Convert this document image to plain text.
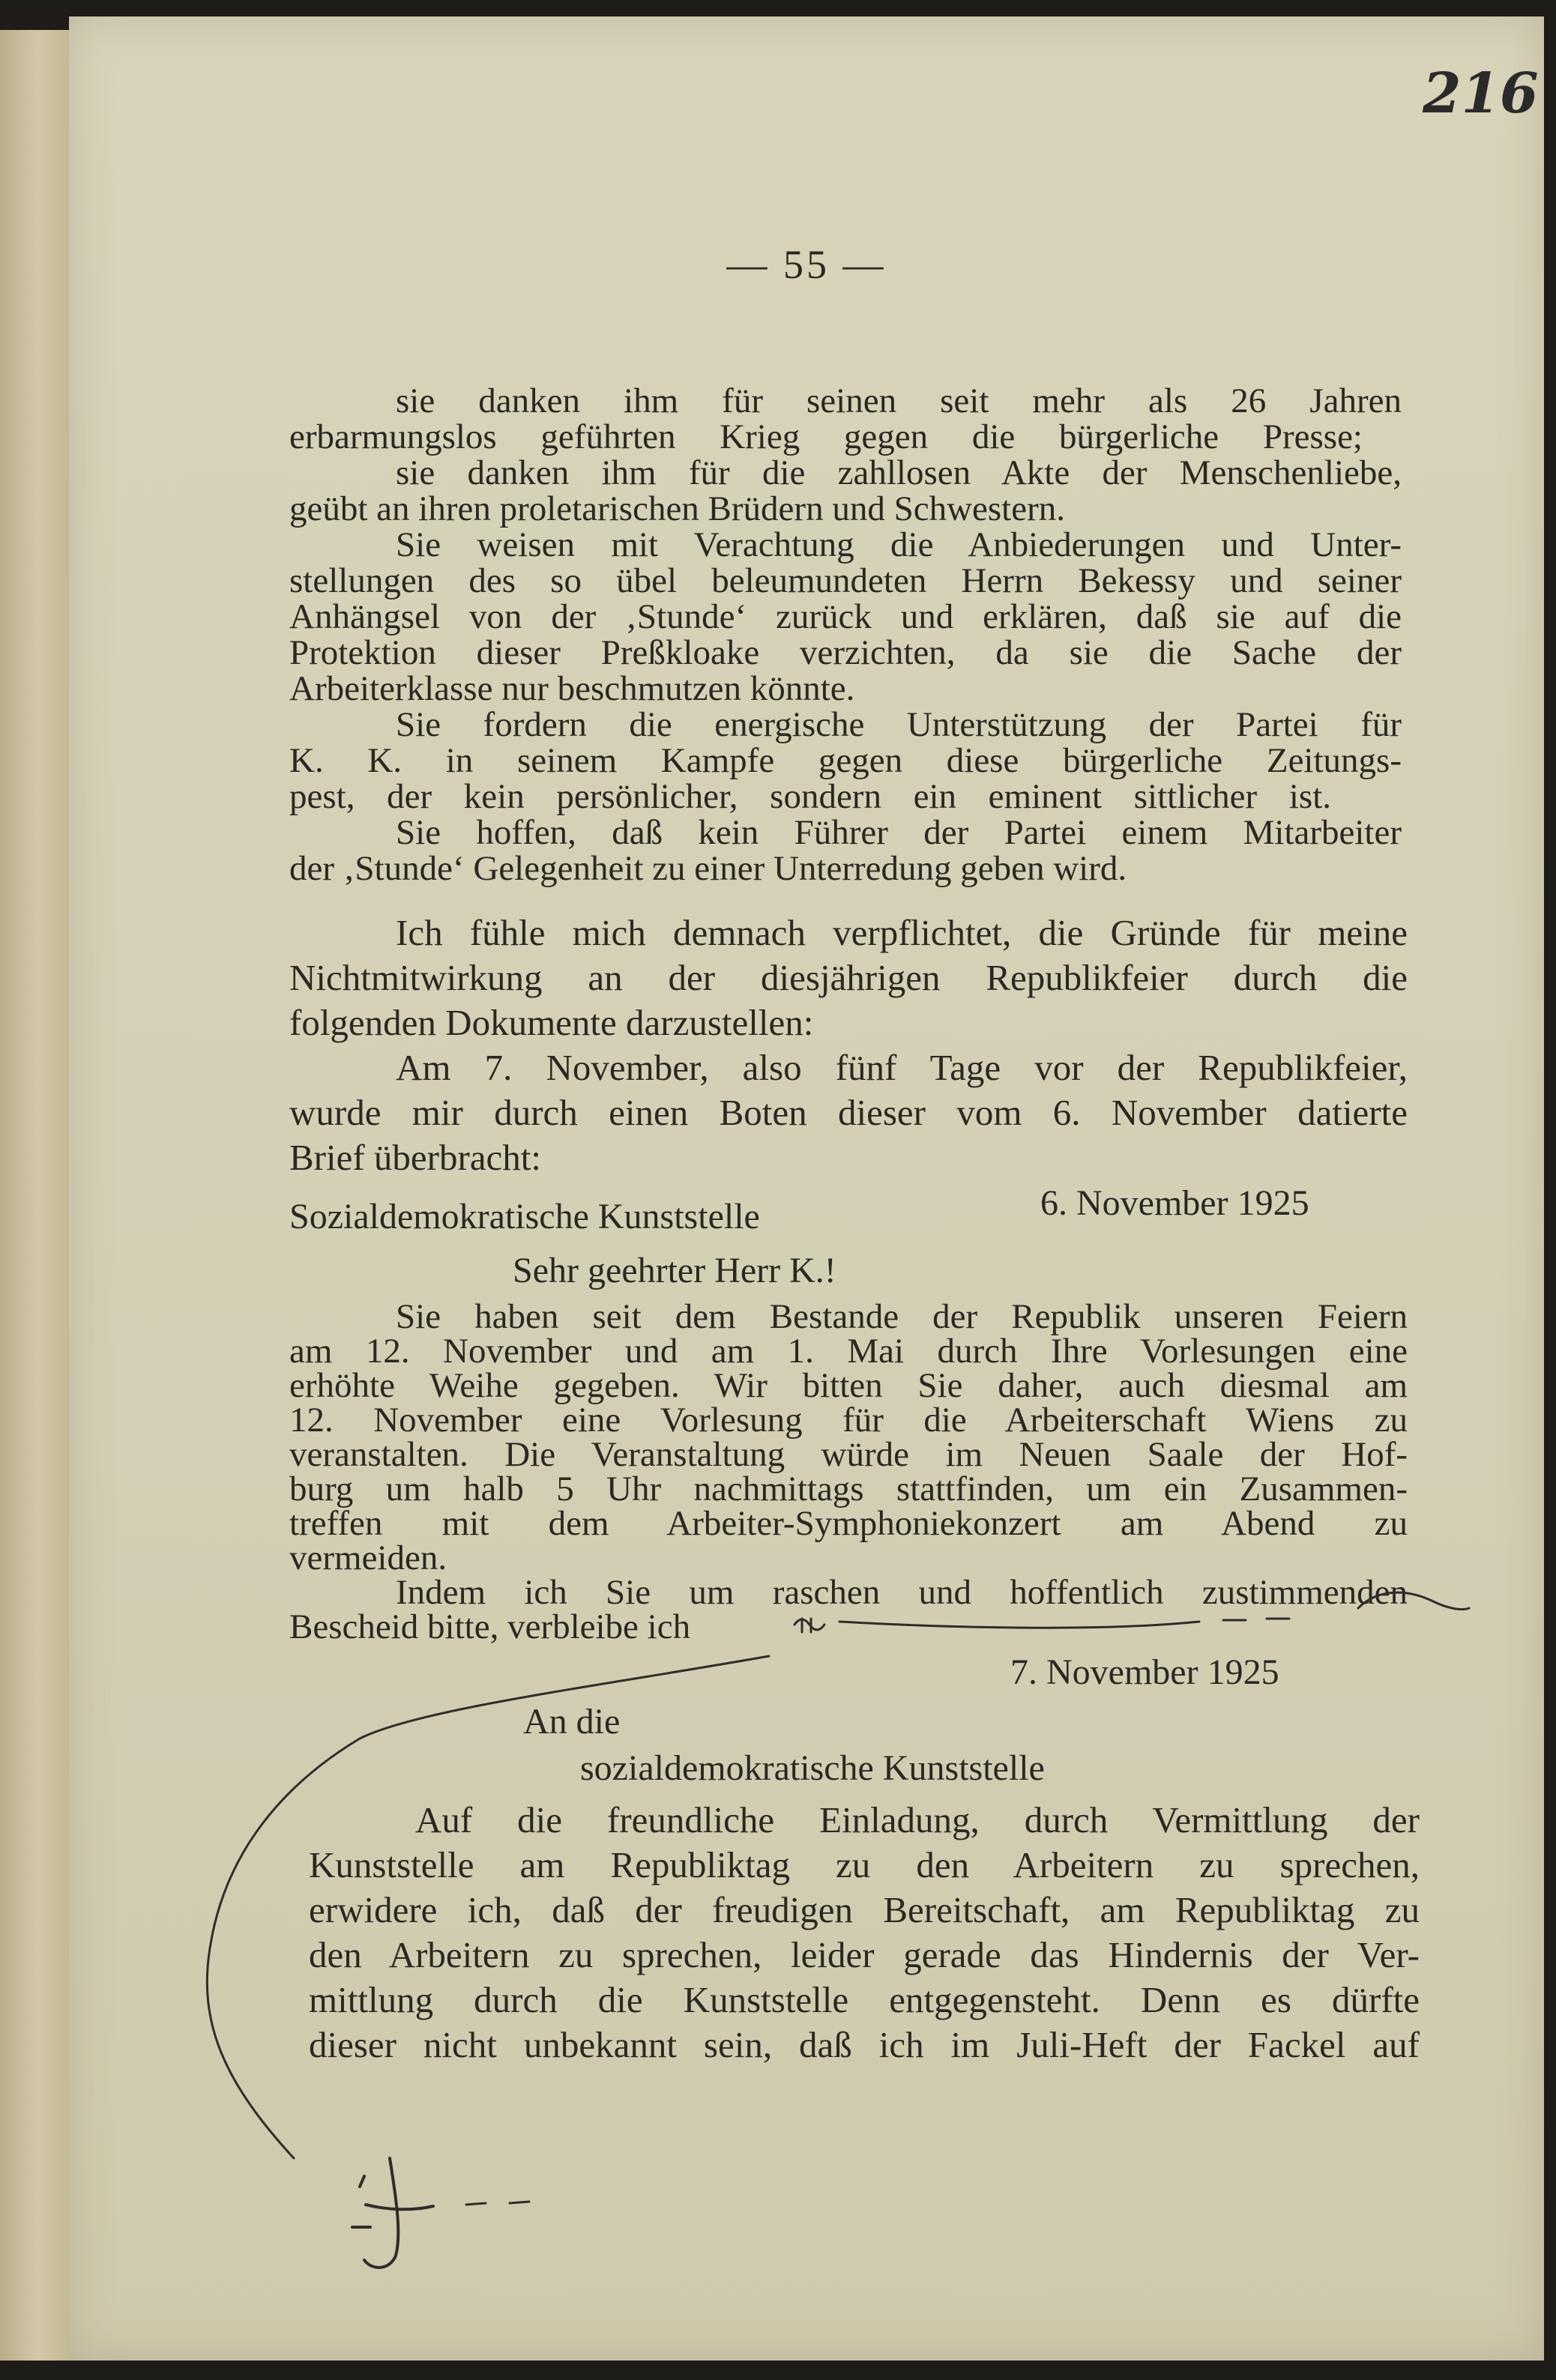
216
— 55 —
sie danken ihm für seinen seit mehr als 26 Jahren
erbarmungslos geführten Krieg gegen die bürgerliche Presse;
sie danken ihm für die zahllosen Akte der Menschenliebe,
geübt an ihren proletarischen Brüdern und Schwestern.
Sie weisen mit Verachtung die Anbiederungen und Unter-
stellungen des so übel beleumundeten Herrn Bekessy und seiner
Anhängsel von der ‚Stunde‘ zurück und erklären, daß sie auf die
Protektion dieser Preßkloake verzichten, da sie die Sache der
Arbeiterklasse nur beschmutzen könnte.
Sie fordern die energische Unterstützung der Partei für
K. K. in seinem Kampfe gegen diese bürgerliche Zeitungs-
pest, der kein persönlicher, sondern ein eminent sittlicher ist.
Sie hoffen, daß kein Führer der Partei einem Mitarbeiter
der ‚Stunde‘ Gelegenheit zu einer Unterredung geben wird.
Ich fühle mich demnach verpflichtet, die Gründe für meine
Nichtmitwirkung an der diesjährigen Republikfeier durch die
folgenden Dokumente darzustellen:
Am 7. November, also fünf Tage vor der Republikfeier,
wurde mir durch einen Boten dieser vom 6. November datierte
Brief überbracht:
Sozialdemokratische Kunststelle	6. November 1925
Sehr geehrter Herr K.!
Sie haben seit dem Bestande der Republik unseren Feiern
am 12. November und am 1. Mai durch Ihre Vorlesungen eine
erhöhte Weihe gegeben. Wir bitten Sie daher, auch diesmal am
12. November eine Vorlesung für die Arbeiterschaft Wiens zu
veranstalten. Die Veranstaltung würde im Neuen Saale der Hof-
burg um halb 5 Uhr nachmittags stattfinden, um ein Zusammen-
treffen mit dem Arbeiter-Symphoniekonzert am Abend zu
vermeiden.
Indem ich Sie um raschen und hoffentlich zustimmenden
Bescheid bitte, verbleibe ich
7. November 1925
An die
sozialdemokratische Kunststelle
Auf die freundliche Einladung, durch Vermittlung der
Kunststelle am Republiktag zu den Arbeitern zu sprechen,
erwidere ich, daß der freudigen Bereitschaft, am Republiktag zu
den Arbeitern zu sprechen, leider gerade das Hindernis der Ver-
mittlung durch die Kunststelle entgegensteht. Denn es dürfte
dieser nicht unbekannt sein, daß ich im Juli-Heft der Fackel auf
